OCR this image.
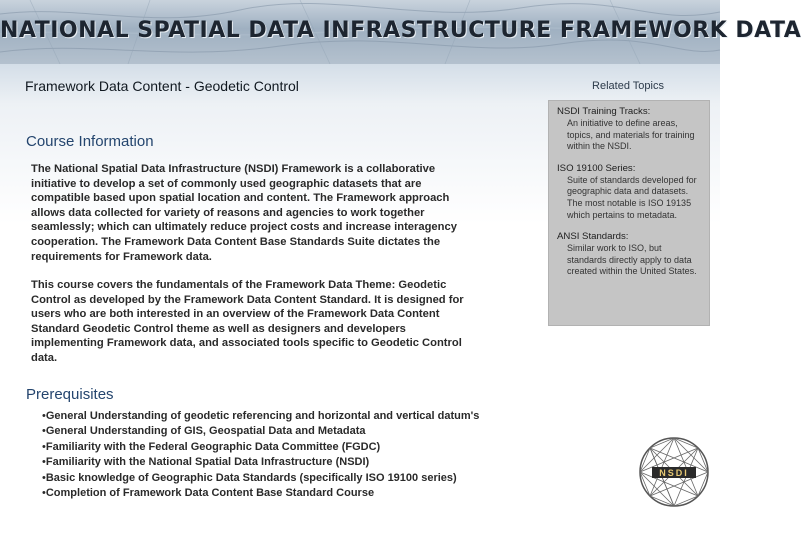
NATIONAL SPATIAL DATA INFRASTRUCTURE FRAMEWORK DATA
Framework Data Content - Geodetic Control	Related Topics
Course Information

The National Spatial Data Infrastructure (NSDI) Framework is a collaborative initiative to develop a set of commonly used geographic datasets that are compatible based upon spatial location and content. The Framework approach allows data collected for variety of reasons and agencies to work together seamlessly; which can ultimately reduce project costs and increase interagency cooperation. The Framework Data Content Base Standards Suite dictates the requirements for Framework data.

This course covers the fundamentals of the Framework Data Theme: Geodetic Control as developed by the Framework Data Content Standard. It is designed for users who are both interested in an overview of the Framework Data Content Standard Geodetic Control theme as well as designers and developers implementing Framework data, and associated tools specific to Geodetic Control data.

Prerequisites
• General Understanding of geodetic referencing and horizontal and vertical datum's
• General Understanding of GIS, Geospatial Data and Metadata
• Familiarity with the Federal Geographic Data Committee (FGDC)
• Familiarity with the National Spatial Data Infrastructure (NSDI)
• Basic knowledge of Geographic Data Standards (specifically ISO 19100 series)
• Completion of Framework Data Content Base Standard Course
NSDI Training Tracks:
An initiative to define areas, topics, and materials for training within the NSDI.
ISO 19100 Series:
Suite of standards developed for geographic data and datasets. The most notable is ISO 19135 which pertains to metadata.
ANSI Standards:
Similar work to ISO, but standards directly apply to data created within the United States.
NSDI
